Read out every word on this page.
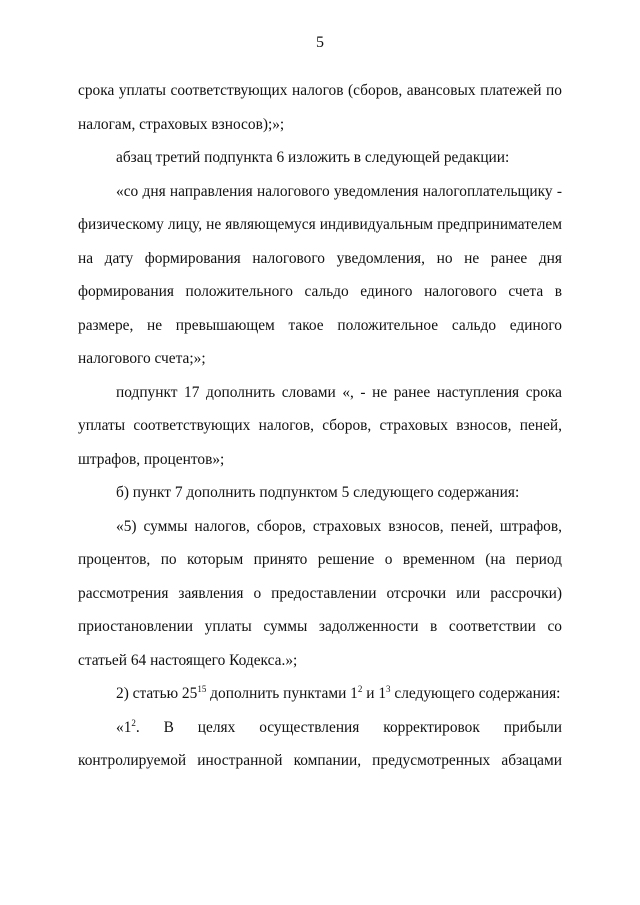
5

срока уплаты соответствующих налогов (сборов, авансовых платежей по налогам, страховых взносов);»;

абзац третий подпункта 6 изложить в следующей редакции:

«со дня направления налогового уведомления налогоплательщику - физическому лицу, не являющемуся индивидуальным предпринимателем на дату формирования налогового уведомления, но не ранее дня формирования положительного сальдо единого налогового счета в размере, не превышающем такое положительное сальдо единого налогового счета;»;

подпункт 17 дополнить словами «, - не ранее наступления срока уплаты соответствующих налогов, сборов, страховых взносов, пеней, штрафов, процентов»;

б) пункт 7 дополнить подпунктом 5 следующего содержания:

«5) суммы налогов, сборов, страховых взносов, пеней, штрафов, процентов, по которым принято решение о временном (на период рассмотрения заявления о предоставлении отсрочки или рассрочки) приостановлении уплаты суммы задолженности в соответствии со статьей 64 настоящего Кодекса.»;

2) статью $25^{15}$ дополнить пунктами $1^2$ и $1^3$ следующего содержания:

«$1^2$. В целях осуществления корректировок прибыли контролируемой иностранной компании, предусмотренных абзацами
